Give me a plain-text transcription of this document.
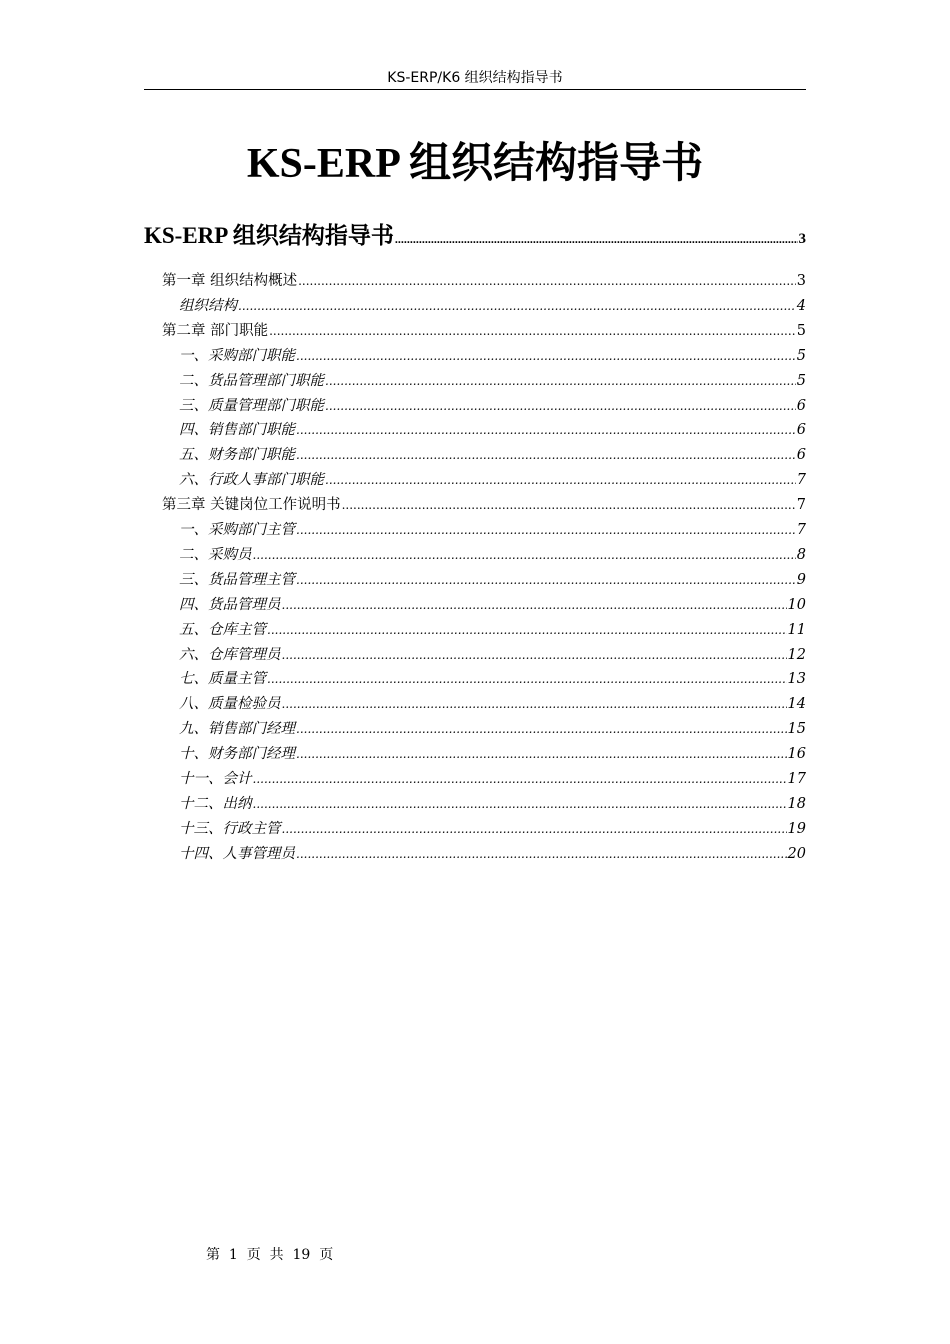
KS-ERP/K6 组织结构指导书
KS-ERP 组织结构指导书
KS-ERP 组织结构指导书 .....	3
第一章 组织结构概述 .....	3
组织结构 .....	4
第二章 部门职能 .....	5
一、采购部门职能 .....	5
二、货品管理部门职能 .....	5
三、质量管理部门职能 .....	6
四、销售部门职能 .....	6
五、财务部门职能 .....	6
六、行政人事部门职能 .....	7
第三章 关键岗位工作说明书 .....	7
一、采购部门主管 .....	7
二、采购员 .....	8
三、货品管理主管 .....	9
四、货品管理员 .....	10
五、仓库主管 .....	11
六、仓库管理员 .....	12
七、质量主管 .....	13
八、质量检验员 .....	14
九、销售部门经理 .....	15
十、财务部门经理 .....	16
十一、会计 .....	17
十二、出纳 .....	18
十三、行政主管 .....	19
十四、人事管理员 .....	20
第  1  页  共  19  页
